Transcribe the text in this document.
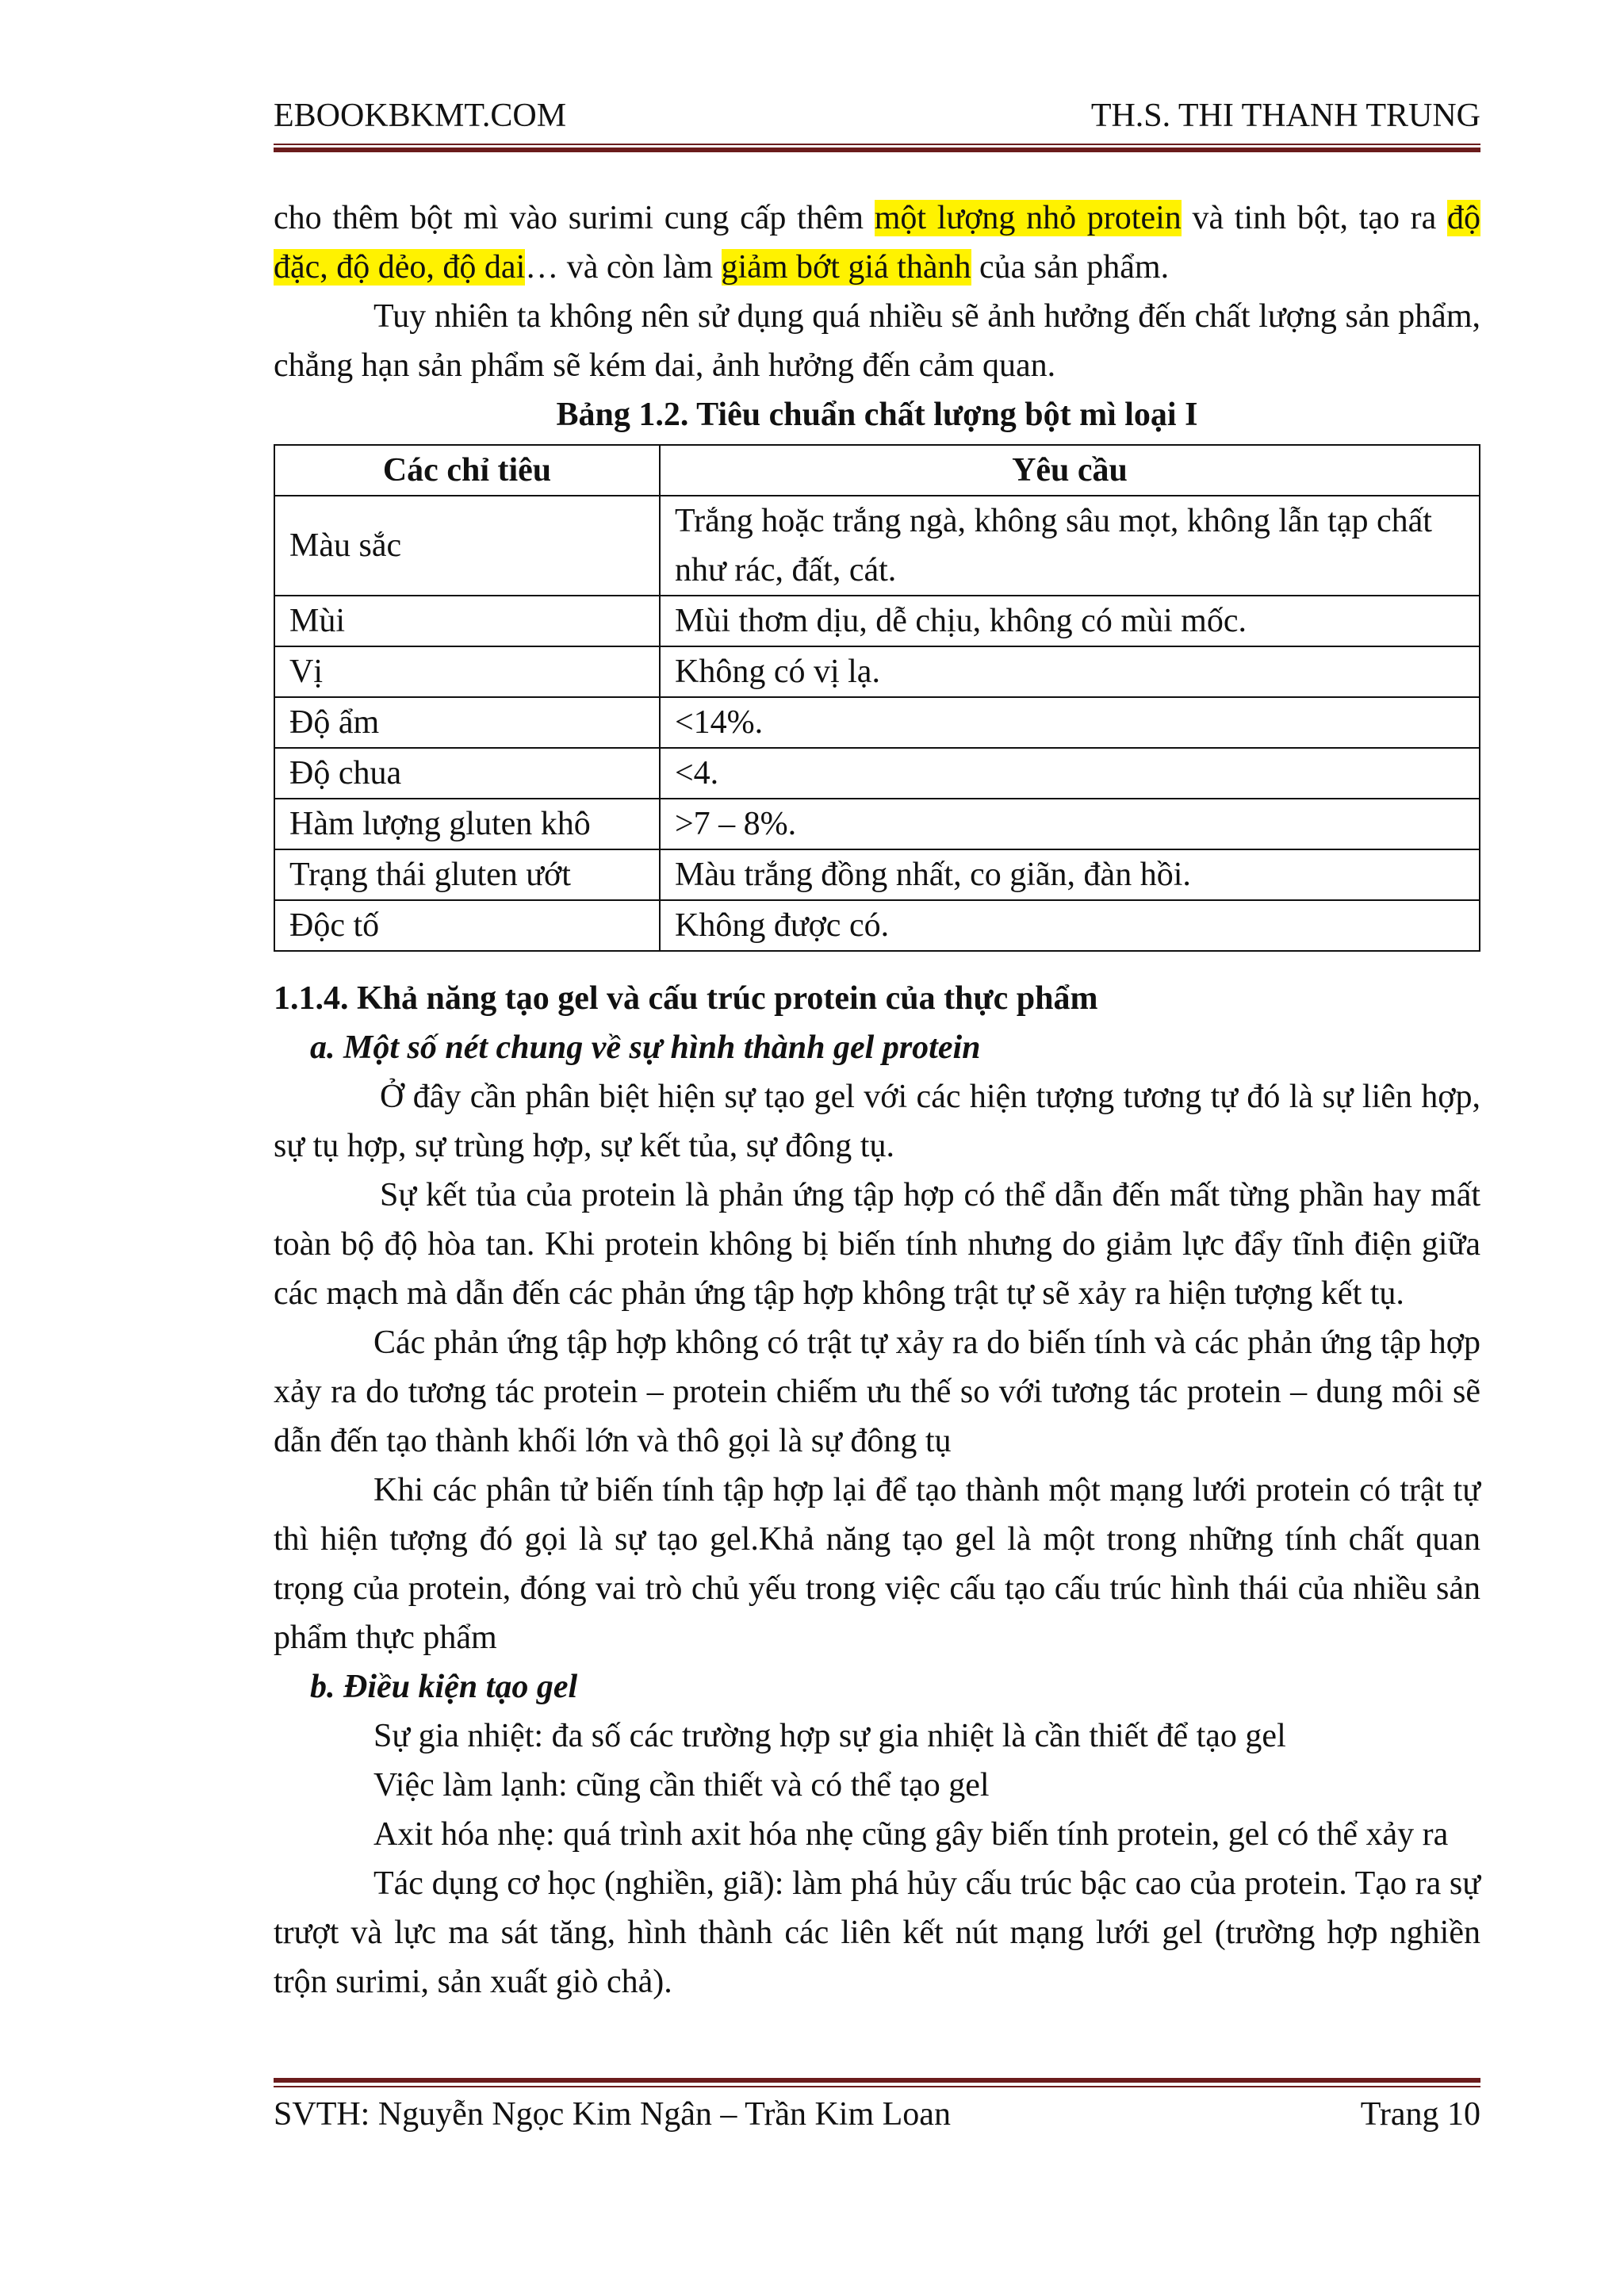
EBOOKBKMT.COM	TH.S. THI THANH TRUNG

cho thêm bột mì vào surimi cung cấp thêm một lượng nhỏ protein và tinh bột, tạo ra độ đặc, độ dẻo, độ dai… và còn làm giảm bớt giá thành của sản phẩm.

Tuy nhiên ta không nên sử dụng quá nhiều sẽ ảnh hưởng đến chất lượng sản phẩm, chẳng hạn sản phẩm sẽ kém dai, ảnh hưởng đến cảm quan.

Bảng 1.2. Tiêu chuẩn chất lượng bột mì loại I

Các chỉ tiêu	Yêu cầu
Màu sắc	Trắng hoặc trắng ngà, không sâu mọt, không lẫn tạp chất như rác, đất, cát.
Mùi	Mùi thơm dịu, dễ chịu, không có mùi mốc.
Vị	Không có vị lạ.
Độ ẩm	<14%.
Độ chua	<4.
Hàm lượng gluten khô	>7 – 8%.
Trạng thái gluten ướt	Màu trắng đồng nhất, co giãn, đàn hồi.
Độc tố	Không được có.

1.1.4. Khả năng tạo gel và cấu trúc protein của thực phẩm

a. Một số nét chung về sự hình thành gel protein

Ở đây cần phân biệt hiện sự tạo gel với các hiện tượng tương tự đó là sự liên hợp, sự tụ hợp, sự trùng hợp, sự kết tủa, sự đông tụ.

Sự kết tủa của protein là phản ứng tập hợp có thể dẫn đến mất từng phần hay mất toàn bộ độ hòa tan. Khi protein không bị biến tính nhưng do giảm lực đẩy tĩnh điện giữa các mạch mà dẫn đến các phản ứng tập hợp không trật tự sẽ xảy ra hiện tượng kết tụ.

Các phản ứng tập hợp không có trật tự xảy ra do biến tính và các phản ứng tập hợp xảy ra do tương tác protein – protein chiếm ưu thế so với tương tác protein – dung môi sẽ dẫn đến tạo thành khối lớn và thô gọi là sự đông tụ

Khi các phân tử biến tính tập hợp lại để tạo thành một mạng lưới protein có trật tự thì hiện tượng đó gọi là sự tạo gel.Khả năng tạo gel là một trong những tính chất quan trọng của protein, đóng vai trò chủ yếu trong việc cấu tạo cấu trúc hình thái của nhiều sản phẩm thực phẩm

b. Điều kiện tạo gel

Sự gia nhiệt: đa số các trường hợp sự gia nhiệt là cần thiết để tạo gel

Việc làm lạnh: cũng cần thiết và có thể tạo gel

Axit hóa nhẹ: quá trình axit hóa nhẹ cũng gây biến tính protein, gel có thể xảy ra

Tác dụng cơ học (nghiền, giã): làm phá hủy cấu trúc bậc cao của protein. Tạo ra sự trượt và lực ma sát tăng, hình thành các liên kết nút mạng lưới gel (trường hợp nghiền trộn surimi, sản xuất giò chả).

SVTH: Nguyễn Ngọc Kim Ngân – Trần Kim Loan	Trang 10
